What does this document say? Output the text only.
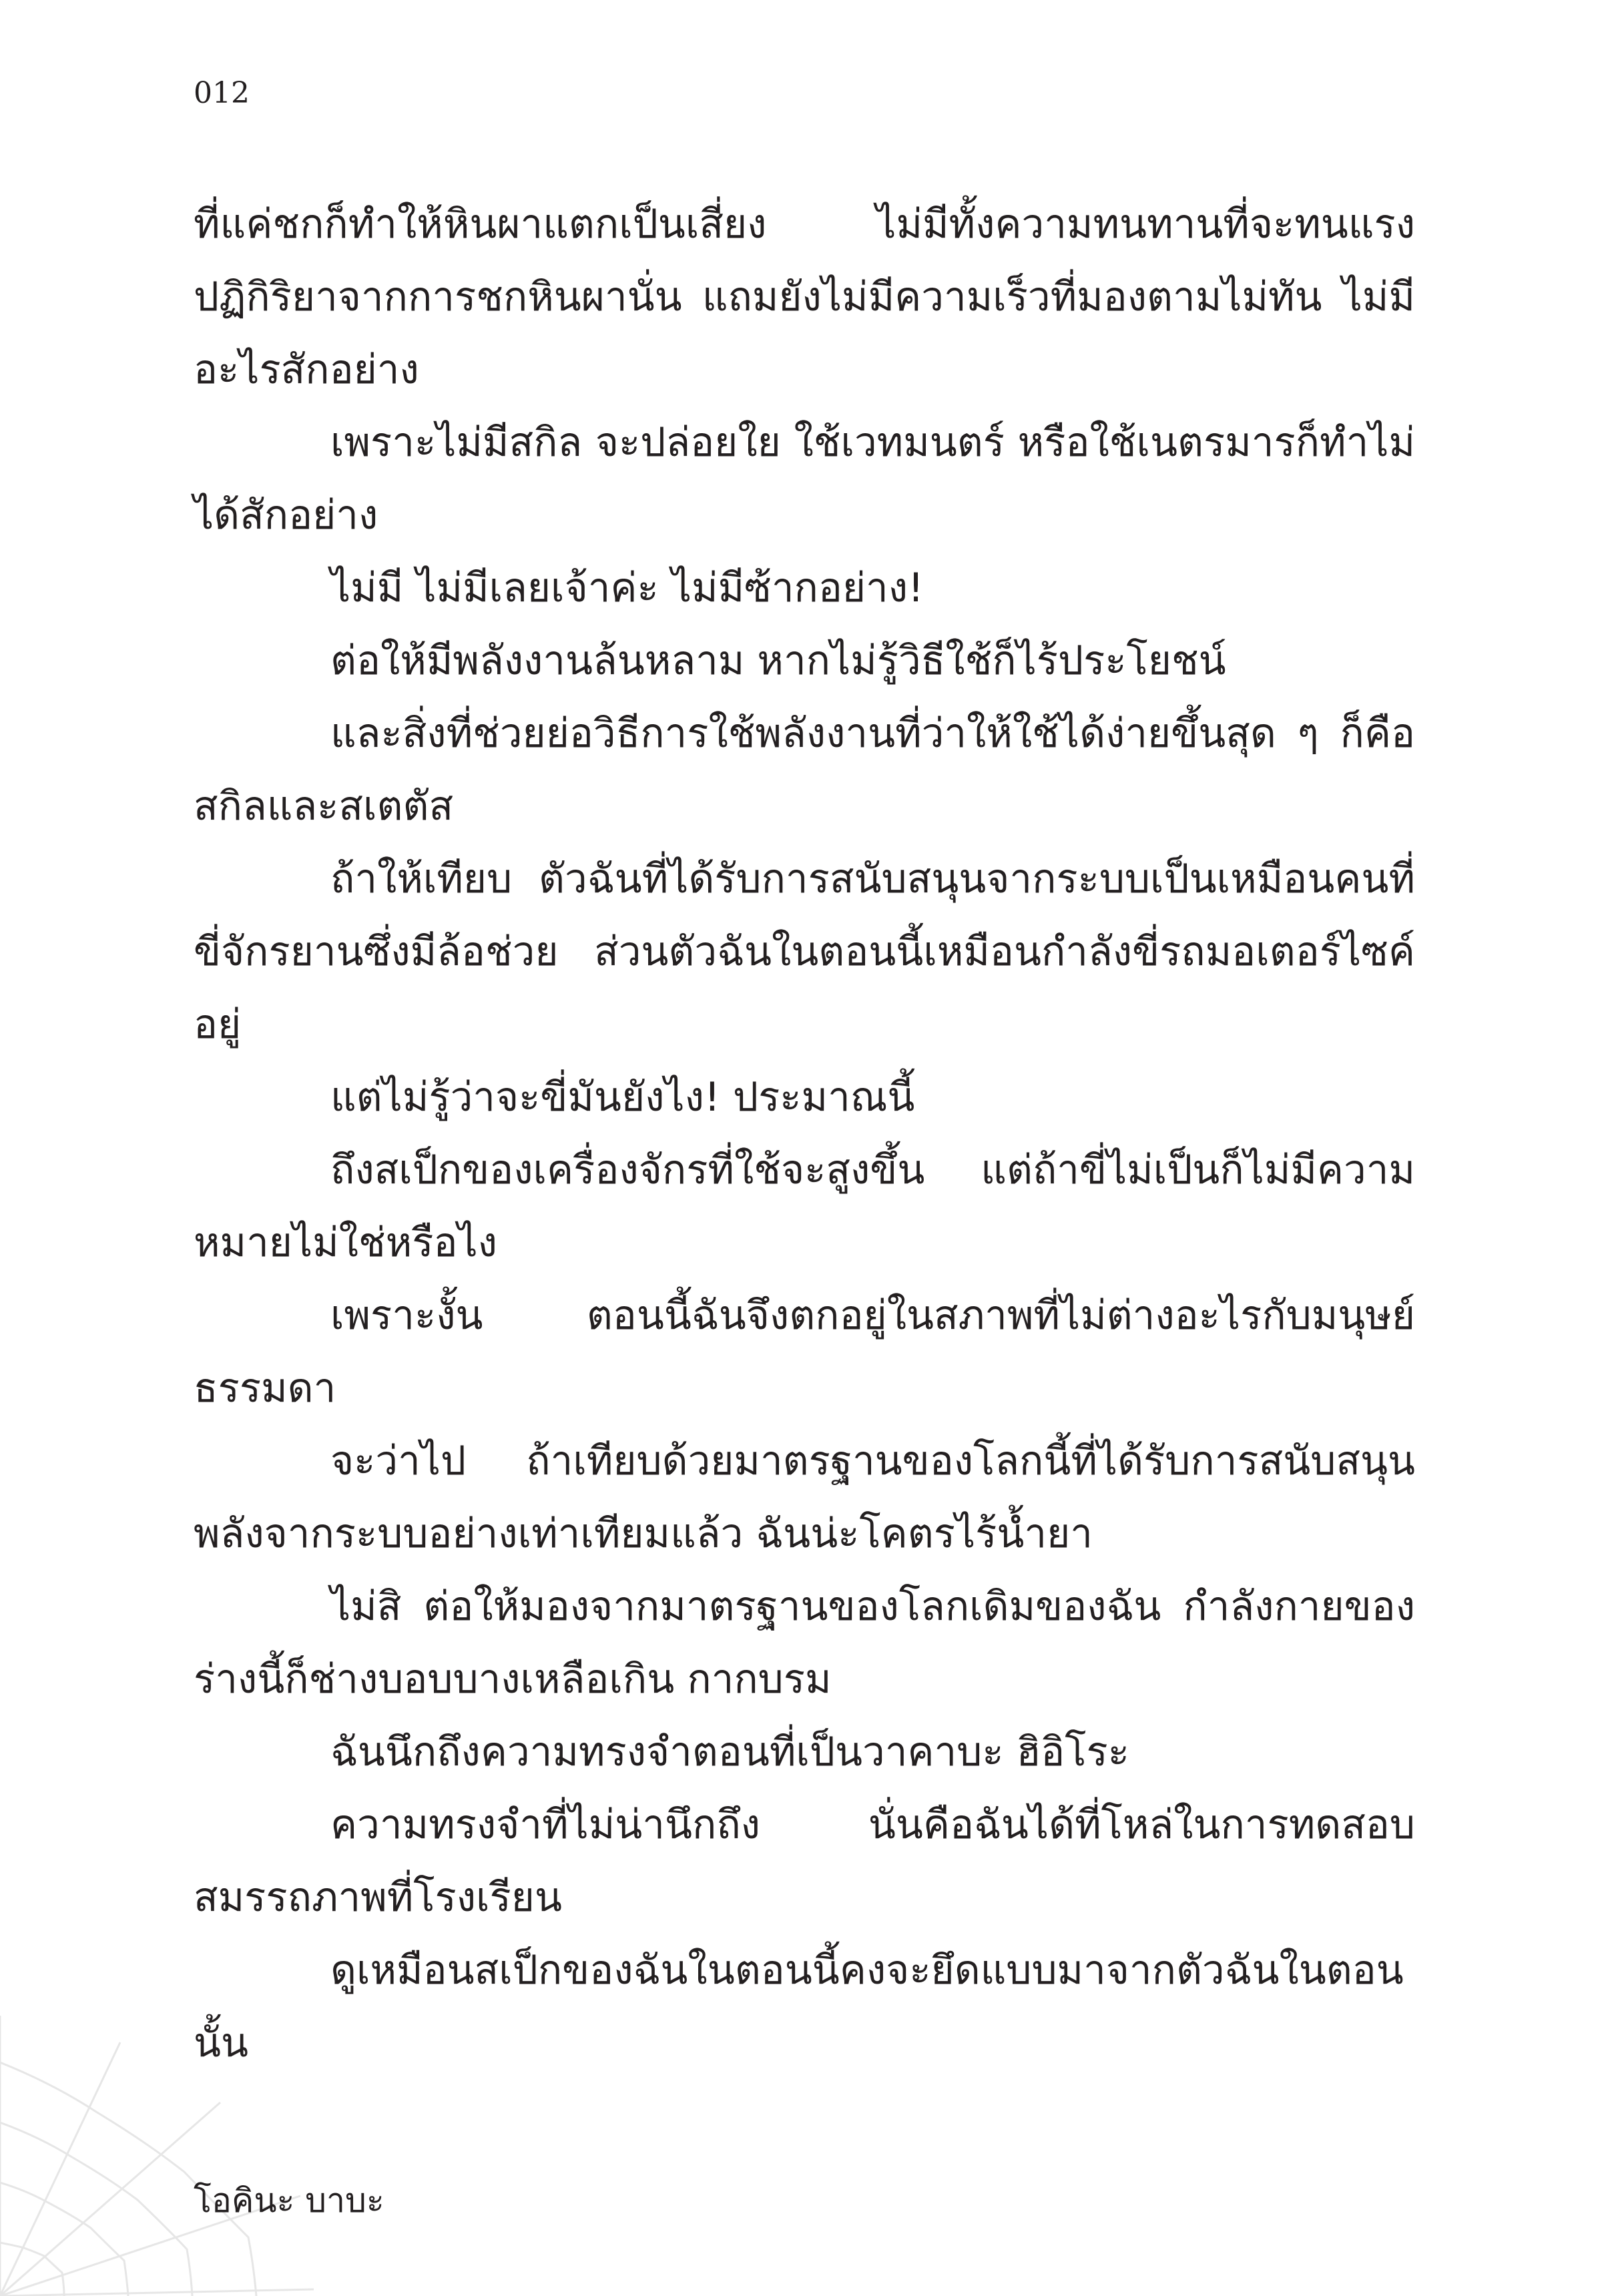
012

ที่แค่ชกก็ทำให้หินผาแตกเป็นเสี่ยง ไม่มีทั้งความทนทานที่จะทนแรงปฏิกิริยาจากการชกหินผานั่น แถมยังไม่มีความเร็วที่มองตามไม่ทัน ไม่มีอะไรสักอย่าง

เพราะไม่มีสกิล จะปล่อยใย ใช้เวทมนตร์ หรือใช้เนตรมารก็ทำไม่ได้สักอย่าง

ไม่มี ไม่มีเลยเจ้าค่ะ ไม่มีซ้ากอย่าง!

ต่อให้มีพลังงานล้นหลาม หากไม่รู้วิธีใช้ก็ไร้ประโยชน์

และสิ่งที่ช่วยย่อวิธีการใช้พลังงานที่ว่าให้ใช้ได้ง่ายขึ้นสุด ๆ ก็คือสกิลและสเตตัส

ถ้าให้เทียบ ตัวฉันที่ได้รับการสนับสนุนจากระบบเป็นเหมือนคนที่ขี่จักรยานซึ่งมีล้อช่วย ส่วนตัวฉันในตอนนี้เหมือนกำลังขี่รถมอเตอร์ไซค์อยู่

แต่ไม่รู้ว่าจะขี่มันยังไง! ประมาณนี้

ถึงสเป็กของเครื่องจักรที่ใช้จะสูงขึ้น แต่ถ้าขี่ไม่เป็นก็ไม่มีความหมายไม่ใช่หรือไง

เพราะงั้น ตอนนี้ฉันจึงตกอยู่ในสภาพที่ไม่ต่างอะไรกับมนุษย์ธรรมดา

จะว่าไป ถ้าเทียบด้วยมาตรฐานของโลกนี้ที่ได้รับการสนับสนุนพลังจากระบบอย่างเท่าเทียมแล้ว ฉันน่ะโคตรไร้น้ำยา

ไม่สิ ต่อให้มองจากมาตรฐานของโลกเดิมของฉัน กำลังกายของร่างนี้ก็ช่างบอบบางเหลือเกิน กากบรม

ฉันนึกถึงความทรงจำตอนที่เป็นวาคาบะ ฮิอิโระ

ความทรงจำที่ไม่น่านึกถึง นั่นคือฉันได้ที่โหล่ในการทดสอบสมรรถภาพที่โรงเรียน

ดูเหมือนสเป็กของฉันในตอนนี้คงจะยึดแบบมาจากตัวฉันในตอนนั้น

โอคินะ บาบะ
